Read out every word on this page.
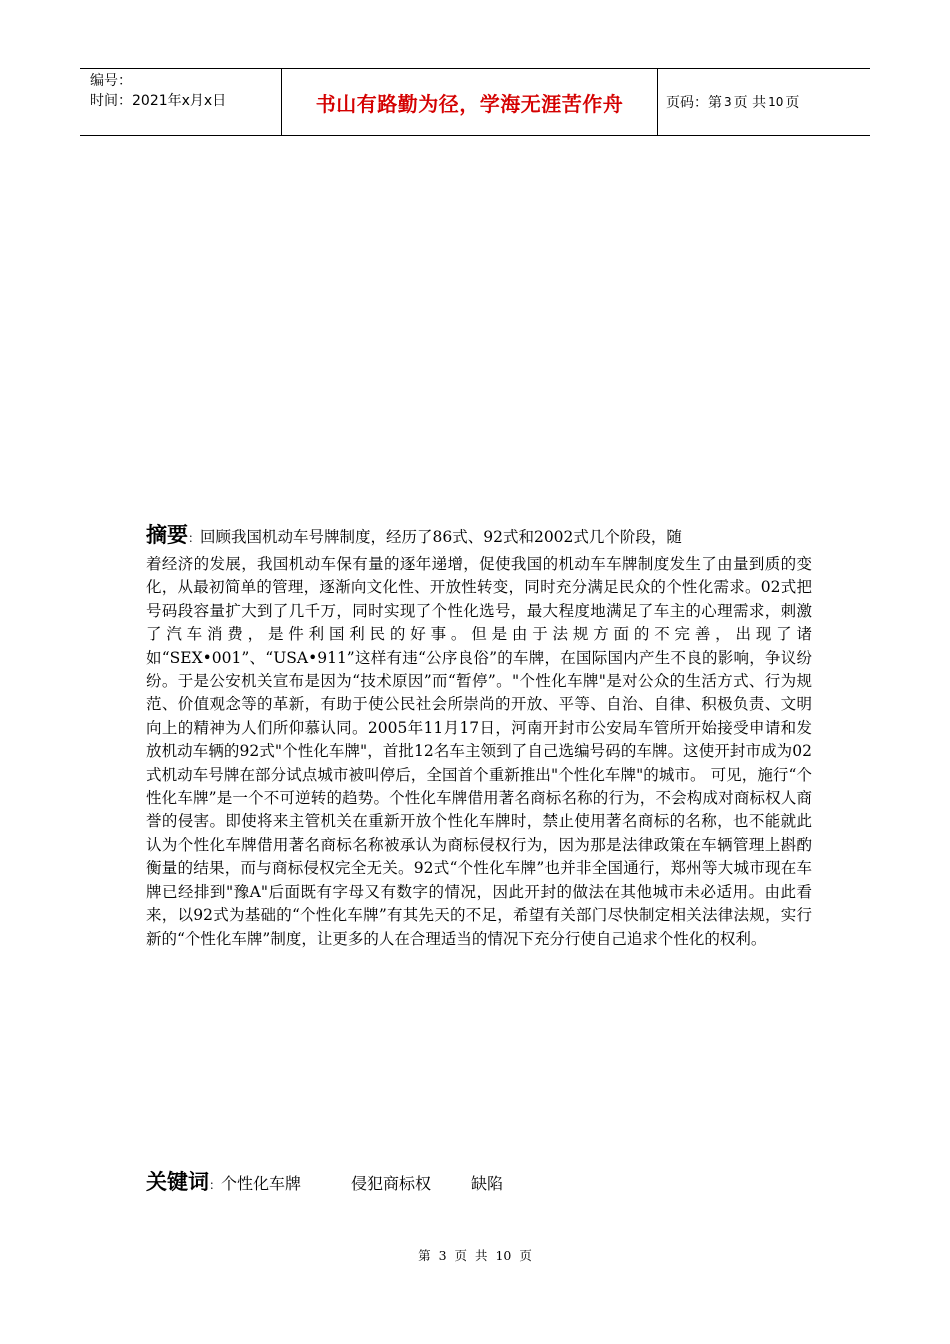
编号：
时间：2021年x月x日	书山有路勤为径，学海无涯苦作舟	页码：第 3 页 共 10 页

摘要：回顾我国机动车号牌制度，经历了86式、92式和2002式几个阶段，随

着经济的发展，我国机动车保有量的逐年递增，促使我国的机动车车牌制度发生了由量到质的变化，从最初简单的管理，逐渐向文化性、开放性转变，同时充分满足民众的个性化需求。02式把号码段容量扩大到了几千万，同时实现了个性化选号，最大程度地满足了车主的心理需求，刺激了汽车消费，是件利国利民的好事。但是由于法规方面的不完善，出现了诸如“SEX•001”、“USA•911”这样有违“公序良俗”的车牌，在国际国内产生不良的影响，争议纷纷。于是公安机关宣布是因为“技术原因”而“暂停”。"个性化车牌"是对公众的生活方式、行为规范、价值观念等的革新，有助于使公民社会所崇尚的开放、平等、自治、自律、积极负责、文明向上的精神为人们所仰慕认同。2005年11月17日，河南开封市公安局车管所开始接受申请和发放机动车辆的92式"个性化车牌"，首批12名车主领到了自己选编号码的车牌。这使开封市成为02式机动车号牌在部分试点城市被叫停后，全国首个重新推出"个性化车牌"的城市。 可见，施行“个性化车牌”是一个不可逆转的趋势。个性化车牌借用著名商标名称的行为，不会构成对商标权人商誉的侵害。即使将来主管机关在重新开放个性化车牌时，禁止使用著名商标的名称，也不能就此认为个性化车牌借用著名商标名称被承认为商标侵权行为，因为那是法律政策在车辆管理上斟酌衡量的结果，而与商标侵权完全无关。92式“个性化车牌”也并非全国通行，郑州等大城市现在车牌已经排到"豫A"后面既有字母又有数字的情况，因此开封的做法在其他城市未必适用。由此看来，以92式为基础的“个性化车牌”有其先天的不足，希望有关部门尽快制定相关法律法规，实行新的“个性化车牌”制度，让更多的人在合理适当的情况下充分行使自己追求个性化的权利。

关键词 ： 个性化车牌	侵犯商标权	缺陷
第 3 页 共 10 页
